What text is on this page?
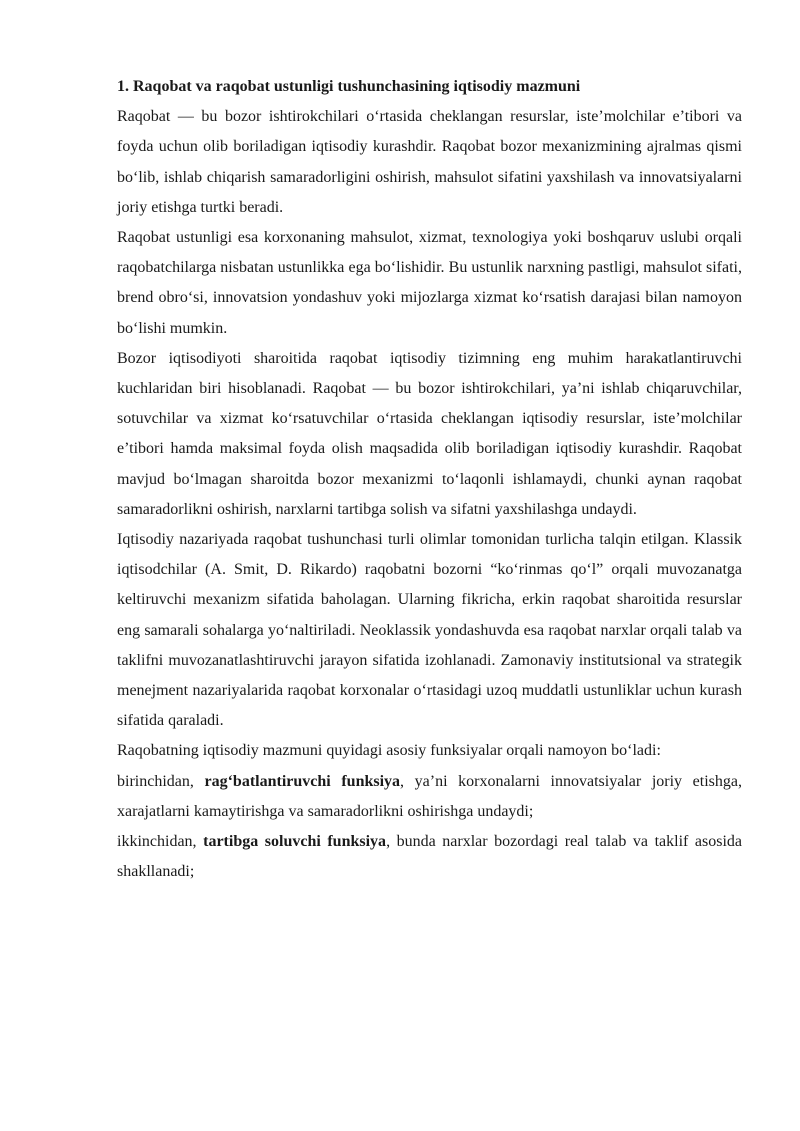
1. Raqobat va raqobat ustunligi tushunchasining iqtisodiy mazmuni

Raqobat — bu bozor ishtirokchilari o‘rtasida cheklangan resurslar, iste’molchilar e’tibori va foyda uchun olib boriladigan iqtisodiy kurashdir. Raqobat bozor mexanizmining ajralmas qismi bo‘lib, ishlab chiqarish samaradorligini oshirish, mahsulot sifatini yaxshilash va innovatsiyalarni joriy etishga turtki beradi.

Raqobat ustunligi esa korxonaning mahsulot, xizmat, texnologiya yoki boshqaruv uslubi orqali raqobatchilarga nisbatan ustunlikka ega bo‘lishidir. Bu ustunlik narxning pastligi, mahsulot sifati, brend obro‘si, innovatsion yondashuv yoki mijozlarga xizmat ko‘rsatish darajasi bilan namoyon bo‘lishi mumkin.

Bozor iqtisodiyoti sharoitida raqobat iqtisodiy tizimning eng muhim harakatlantiruvchi kuchlaridan biri hisoblanadi. Raqobat — bu bozor ishtirokchilari, ya’ni ishlab chiqaruvchilar, sotuvchilar va xizmat ko‘rsatuvchilar o‘rtasida cheklangan iqtisodiy resurslar, iste’molchilar e’tibori hamda maksimal foyda olish maqsadida olib boriladigan iqtisodiy kurashdir. Raqobat mavjud bo‘lmagan sharoitda bozor mexanizmi to‘laqonli ishlamaydi, chunki aynan raqobat samaradorlikni oshirish, narxlarni tartibga solish va sifatni yaxshilashga undaydi.

Iqtisodiy nazariyada raqobat tushunchasi turli olimlar tomonidan turlicha talqin etilgan. Klassik iqtisodchilar (A. Smit, D. Rikardo) raqobatni bozorni “ko‘rinmas qo‘l” orqali muvozanatga keltiruvchi mexanizm sifatida baholagan. Ularning fikricha, erkin raqobat sharoitida resurslar eng samarali sohalarga yo‘naltiriladi. Neoklassik yondashuvda esa raqobat narxlar orqali talab va taklifni muvozanatlashtiruvchi jarayon sifatida izohlanadi. Zamonaviy institutsional va strategik menejment nazariyalarida raqobat korxonalar o‘rtasidagi uzoq muddatli ustunliklar uchun kurash sifatida qaraladi.

Raqobatning iqtisodiy mazmuni quyidagi asosiy funksiyalar orqali namoyon bo‘ladi:

birinchidan, rag‘batlantiruvchi funksiya, ya’ni korxonalarni innovatsiyalar joriy etishga, xarajatlarni kamaytirishga va samaradorlikni oshirishga undaydi;

ikkinchidan, tartibga soluvchi funksiya, bunda narxlar bozordagi real talab va taklif asosida shakllanadi;
